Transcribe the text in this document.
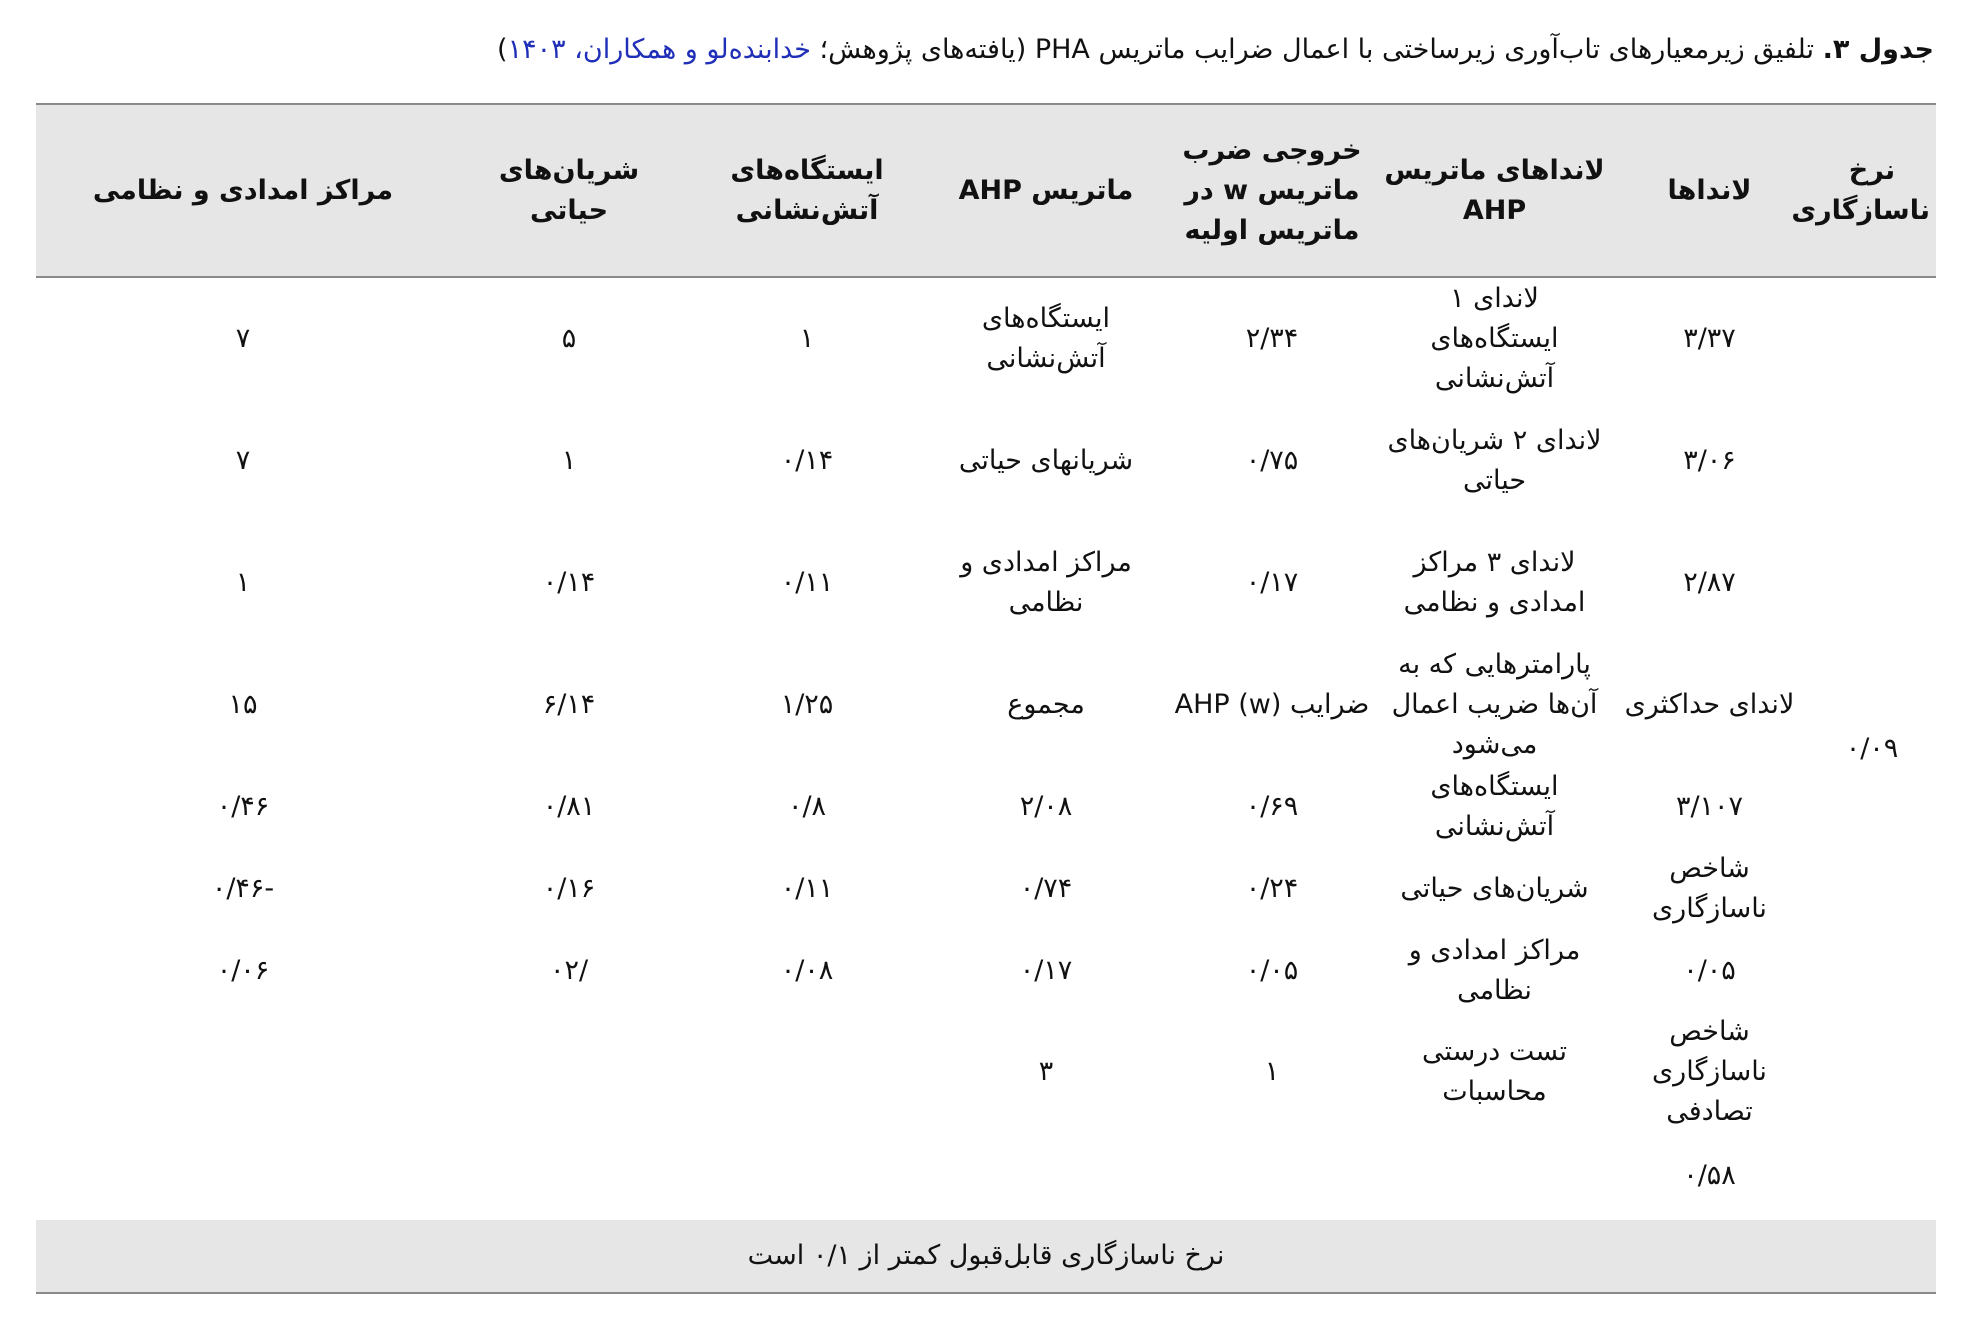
جدول ۳. تلفیق زیرمعیارهای تاب‌آوری زیرساختی با اعمال ضرایب ماتریس PHA (یافته‌های پژوهش؛ خدابنده‌لو و همکاران، ۱۴۰۳)
نرخ ناسازگاری	لانداها	لانداهای ماتریس AHP	خروجی ضرب ماتریس w در ماتریس اولیه	ماتریس AHP	ایستگاه‌های آتش‌نشانی	شریان‌های حیاتی	مراکز امدادی و نظامی
۰/۰۹	۳/۳۷	لاندای ۱ ایستگاه‌های آتش‌نشانی	۲/۳۴	ایستگاه‌های آتش‌نشانی	۱	۵	۷
	۳/۰۶	لاندای ۲ شریان‌های حیاتی	۰/۷۵	شریانهای حیاتی	۰/۱۴	۱	۷
	۲/۸۷	لاندای ۳ مراکز امدادی و نظامی	۰/۱۷	مراکز امدادی و نظامی	۰/۱۱	۰/۱۴	۱
	لاندای حداکثری	پارامترهایی که به آن‌ها ضریب اعمال می‌شود	ضرایب AHP (w)	مجموع	۱/۲۵	۶/۱۴	۱۵
	۳/۱۰۷	ایستگاه‌های آتش‌نشانی	۰/۶۹	۲/۰۸	۰/۸	۰/۸۱	۰/۴۶
	شاخص ناسازگاری	شریان‌های حیاتی	۰/۲۴	۰/۷۴	۰/۱۱	۰/۱۶	-۰/۴۶
	۰/۰۵	مراکز امدادی و نظامی	۰/۰۵	۰/۱۷	۰/۰۸	/۰۲	۰/۰۶
	شاخص ناسازگاری تصادفی	تست درستی محاسبات	۱	۳			
	۰/۵۸						
نرخ ناسازگاری قابل‌قبول کمتر از ۰/۱ است							
